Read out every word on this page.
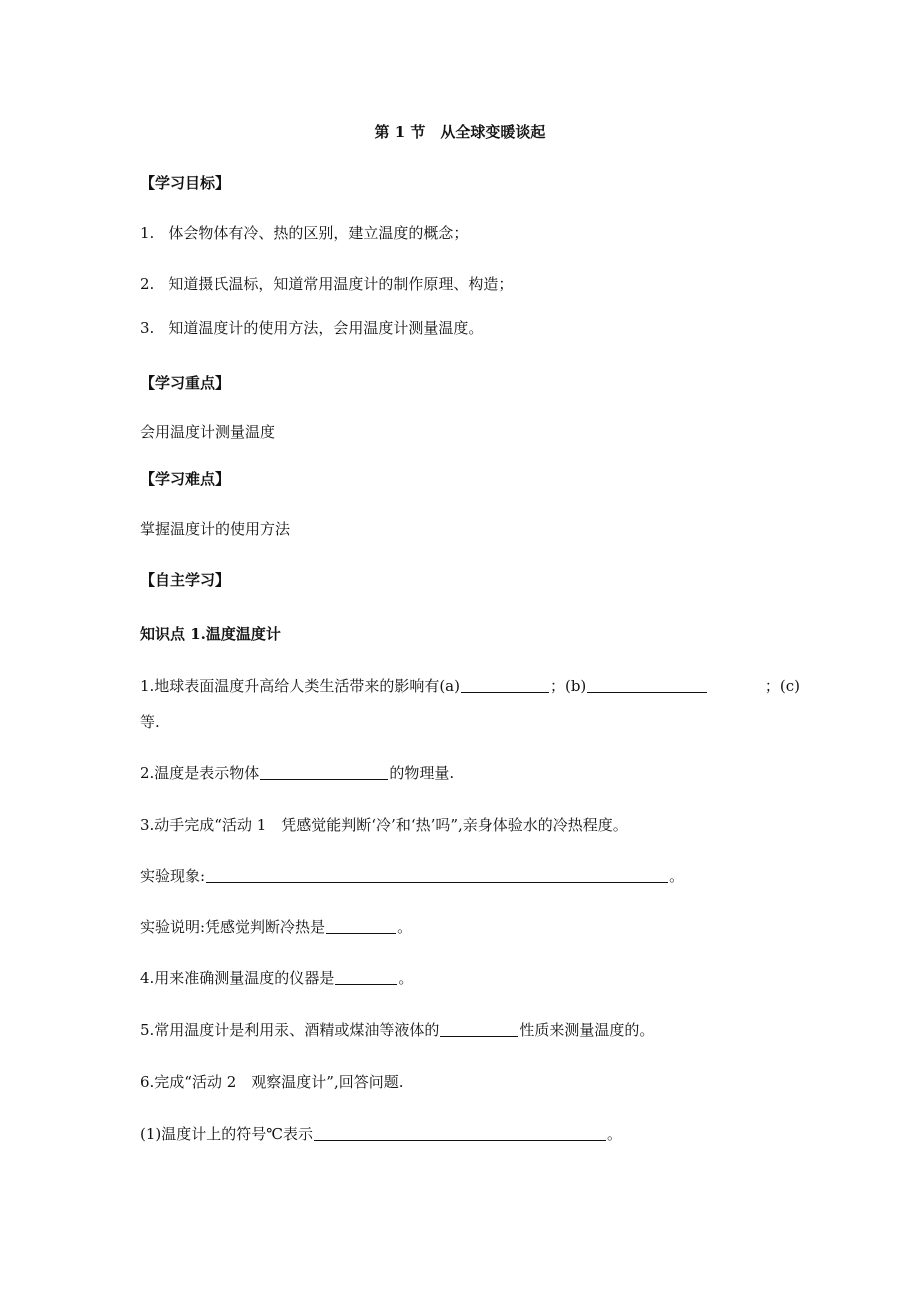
第 1 节　从全球变暖谈起
【学习目标】
1. 体会物体有冷、热的区别，建立温度的概念；
2. 知道摄氏温标，知道常用温度计的制作原理、构造；
3. 知道温度计的使用方法，会用温度计测量温度。
【学习重点】
会用温度计测量温度
【学习难点】
掌握温度计的使用方法
【自主学习】
知识点 1.温度温度计
1.地球表面温度升高给人类生活带来的影响有(a)	；(b)	；(c)
等.
2.温度是表示物体	的物理量.
3.动手完成“活动 1　凭感觉能判断‘冷’和‘热’吗”,亲身体验水的冷热程度。
实验现象:	。
实验说明:凭感觉判断冷热是	。
4.用来准确测量温度的仪器是	。
5.常用温度计是利用汞、酒精或煤油等液体的	性质来测量温度的。
6.完成“活动 2　观察温度计”,回答问题.
(1)温度计上的符号℃表示	。
